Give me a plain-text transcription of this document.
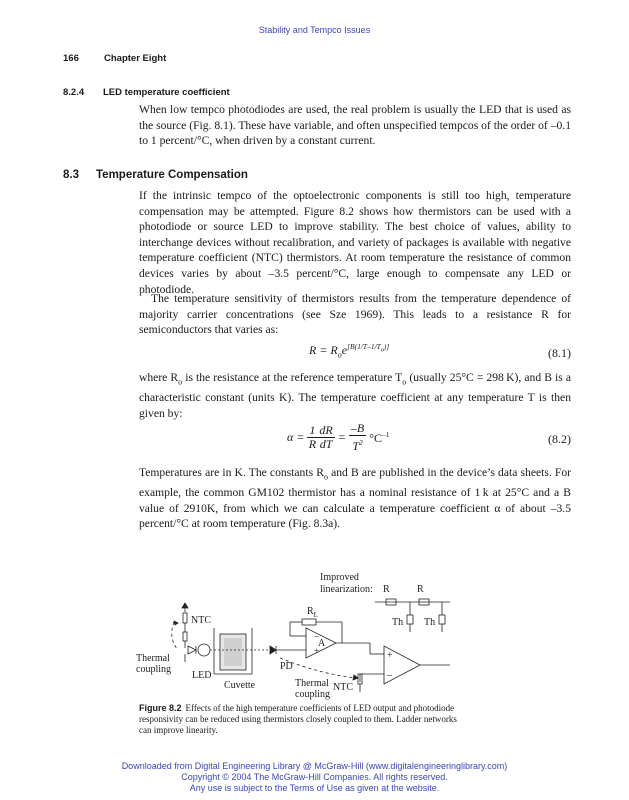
Stability and Tempco Issues
166	Chapter Eight
8.2.4 LED temperature coefficient
When low tempco photodiodes are used, the real problem is usually the LED that is used as the source (Fig. 8.1). These have variable, and often unspecified tempcos of the order of –0.1 to 1 percent/°C, when driven by a constant current.
8.3 Temperature Compensation
If the intrinsic tempco of the optoelectronic components is still too high, temperature compensation may be attempted. Figure 8.2 shows how thermistors can be used with a photodiode or source LED to improve stability. The best choice of values, ability to interchange devices without recalibration, and variety of packages is available with negative temperature coefficient (NTC) thermistors. At room temperature the resistance of common devices varies by about –3.5 percent/°C, large enough to compensate any LED or photodiode.
The temperature sensitivity of thermistors results from the temperature dependence of majority carrier concentrations (see Sze 1969). This leads to a resistance R for semiconductors that varies as:
$R = R_oe[B(1/T-1/To)]$	(8.1)
where $R_o$ is the resistance at the reference temperature $T_o$ (usually 25°C = 298 K), and B is a characteristic constant (units K). The temperature coefficient at any temperature T is then given by:
$\alpha = \frac{1}{R} \frac{dR}{dT} = \frac{-B}{T^2} ^\circ C^{-1}$	(8.2)
Temperatures are in K. The constants $R_o$ and B are published in the device’s data sheets. For example, the common GM102 thermistor has a nominal resistance of 1 k at 25°C and a B value of 2910K, from which we can calculate a temperature coefficient α of about –3.5 percent/°C at room temperature (Fig. 8.3a).
Improved
linearization: R	R
Th Th
NTC
Thermal
coupling
LED
Cuvette
PD
$R_L$
–
+
A
+
–
NTC
Thermal
coupling
Figure 8.2 Effects of the high temperature coefficients of LED output and photodiode responsivity can be reduced using thermistors closely coupled to them. Ladder networks can improve linearity.
Downloaded from Digital Engineering Library @ McGraw-Hill (www.digitalengineeringlibrary.com)
Copyright © 2004 The McGraw-Hill Companies. All rights reserved.
Any use is subject to the Terms of Use as given at the website.
